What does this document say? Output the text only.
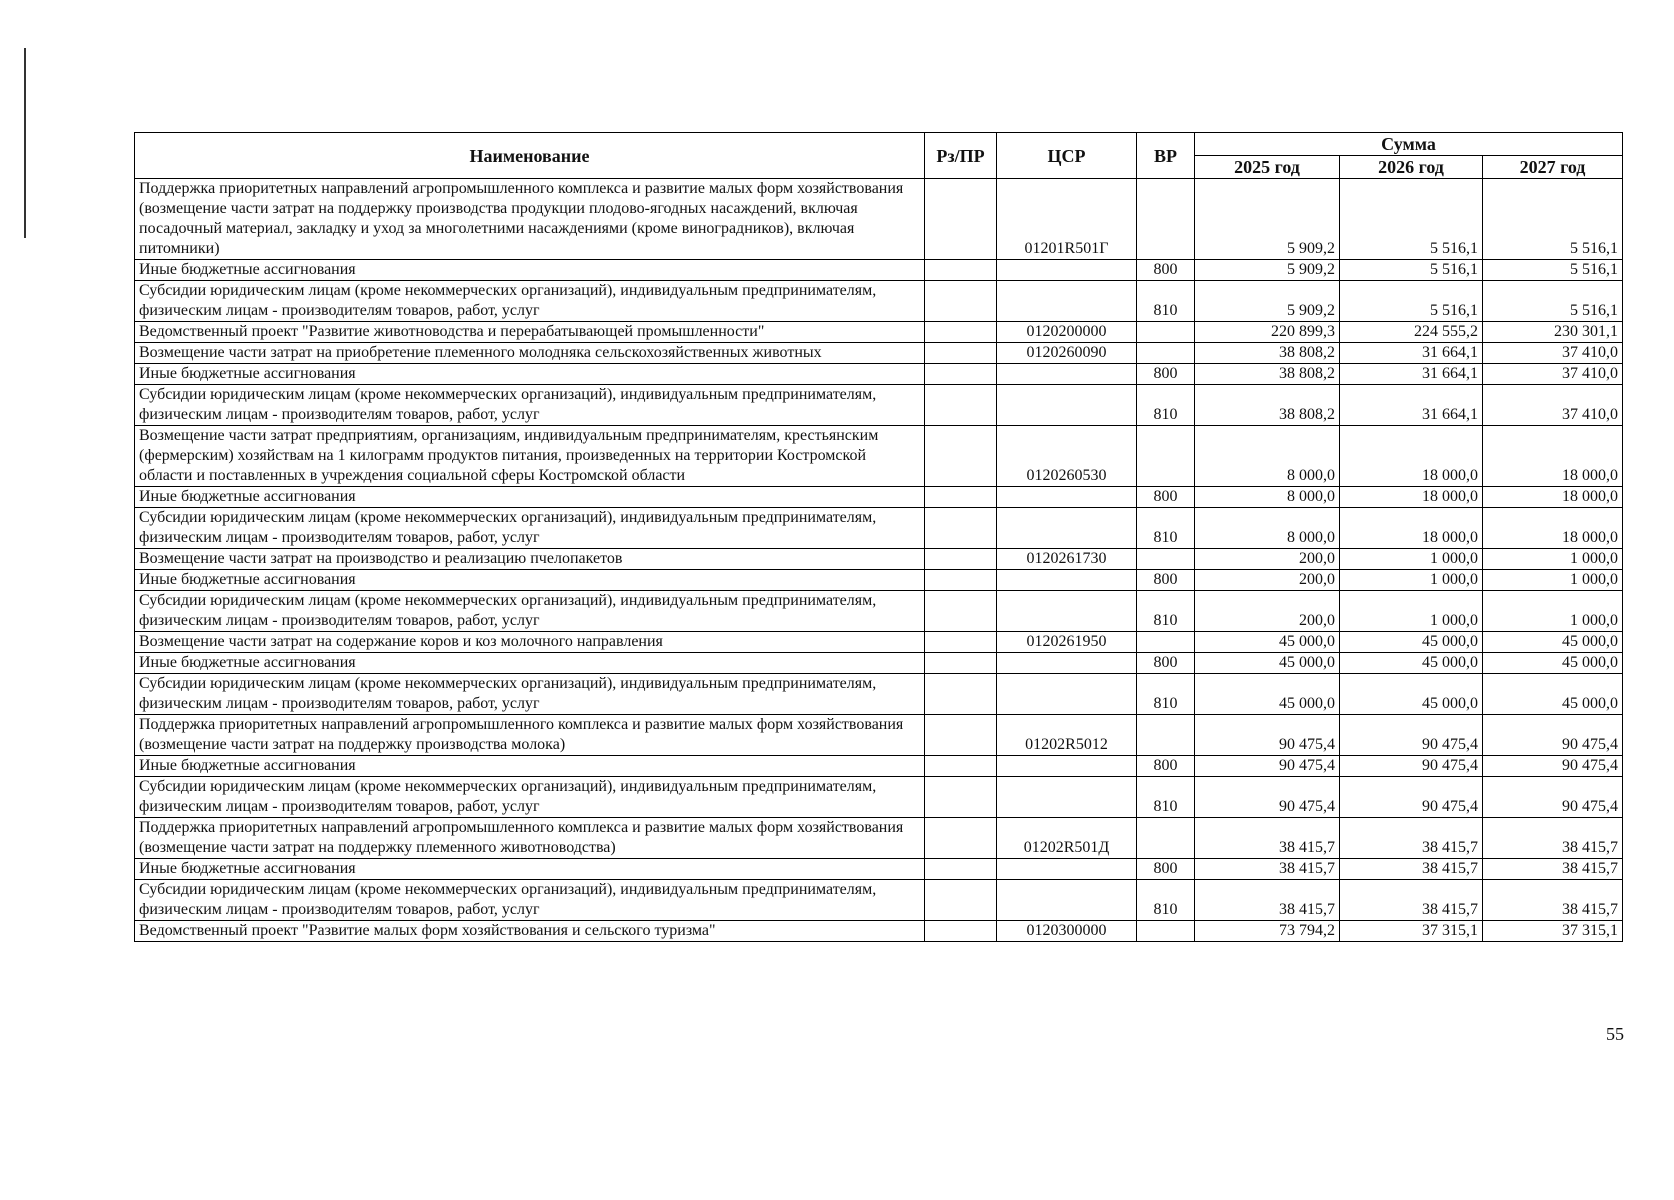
Наименование	Рз/ПР	ЦСР	ВР	Сумма		
				2025 год	2026 год	2027 год
Поддержка приоритетных направлений агропромышленного комплекса и развитие малых форм хозяйствования (возмещение части затрат на поддержку производства продукции плодово-ягодных насаждений, включая посадочный материал, закладку и уход за многолетними насаждениями (кроме виноградников), включая питомники)		01201R501Г		5 909,2	5 516,1	5 516,1
Иные бюджетные ассигнования			800	5 909,2	5 516,1	5 516,1
Субсидии юридическим лицам (кроме некоммерческих организаций), индивидуальным предпринимателям, физическим лицам - производителям товаров, работ, услуг			810	5 909,2	5 516,1	5 516,1
Ведомственный проект "Развитие животноводства и перерабатывающей промышленности"		0120200000		220 899,3	224 555,2	230 301,1
Возмещение части затрат на приобретение племенного молодняка сельскохозяйственных животных		0120260090		38 808,2	31 664,1	37 410,0
Иные бюджетные ассигнования			800	38 808,2	31 664,1	37 410,0
Субсидии юридическим лицам (кроме некоммерческих организаций), индивидуальным предпринимателям, физическим лицам - производителям товаров, работ, услуг			810	38 808,2	31 664,1	37 410,0
Возмещение части затрат предприятиям, организациям, индивидуальным предпринимателям, крестьянским (фермерским) хозяйствам на 1 килограмм продуктов питания, произведенных на территории Костромской области и поставленных в учреждения социальной сферы Костромской области		0120260530		8 000,0	18 000,0	18 000,0
Иные бюджетные ассигнования			800	8 000,0	18 000,0	18 000,0
Субсидии юридическим лицам (кроме некоммерческих организаций), индивидуальным предпринимателям, физическим лицам - производителям товаров, работ, услуг			810	8 000,0	18 000,0	18 000,0
Возмещение части затрат на производство и реализацию пчелопакетов		0120261730		200,0	1 000,0	1 000,0
Иные бюджетные ассигнования			800	200,0	1 000,0	1 000,0
Субсидии юридическим лицам (кроме некоммерческих организаций), индивидуальным предпринимателям, физическим лицам - производителям товаров, работ, услуг			810	200,0	1 000,0	1 000,0
Возмещение части затрат на содержание коров и коз молочного направления		0120261950		45 000,0	45 000,0	45 000,0
Иные бюджетные ассигнования			800	45 000,0	45 000,0	45 000,0
Субсидии юридическим лицам (кроме некоммерческих организаций), индивидуальным предпринимателям, физическим лицам - производителям товаров, работ, услуг			810	45 000,0	45 000,0	45 000,0
Поддержка приоритетных направлений агропромышленного комплекса и развитие малых форм хозяйствования (возмещение части затрат на поддержку производства молока)		01202R5012		90 475,4	90 475,4	90 475,4
Иные бюджетные ассигнования			800	90 475,4	90 475,4	90 475,4
Субсидии юридическим лицам (кроме некоммерческих организаций), индивидуальным предпринимателям, физическим лицам - производителям товаров, работ, услуг			810	90 475,4	90 475,4	90 475,4
Поддержка приоритетных направлений агропромышленного комплекса и развитие малых форм хозяйствования (возмещение части затрат на поддержку племенного животноводства)		01202R501Д		38 415,7	38 415,7	38 415,7
Иные бюджетные ассигнования			800	38 415,7	38 415,7	38 415,7
Субсидии юридическим лицам (кроме некоммерческих организаций), индивидуальным предпринимателям, физическим лицам - производителям товаров, работ, услуг			810	38 415,7	38 415,7	38 415,7
Ведомственный проект "Развитие малых форм хозяйствования и сельского туризма"		0120300000		73 794,2	37 315,1	37 315,1
55
